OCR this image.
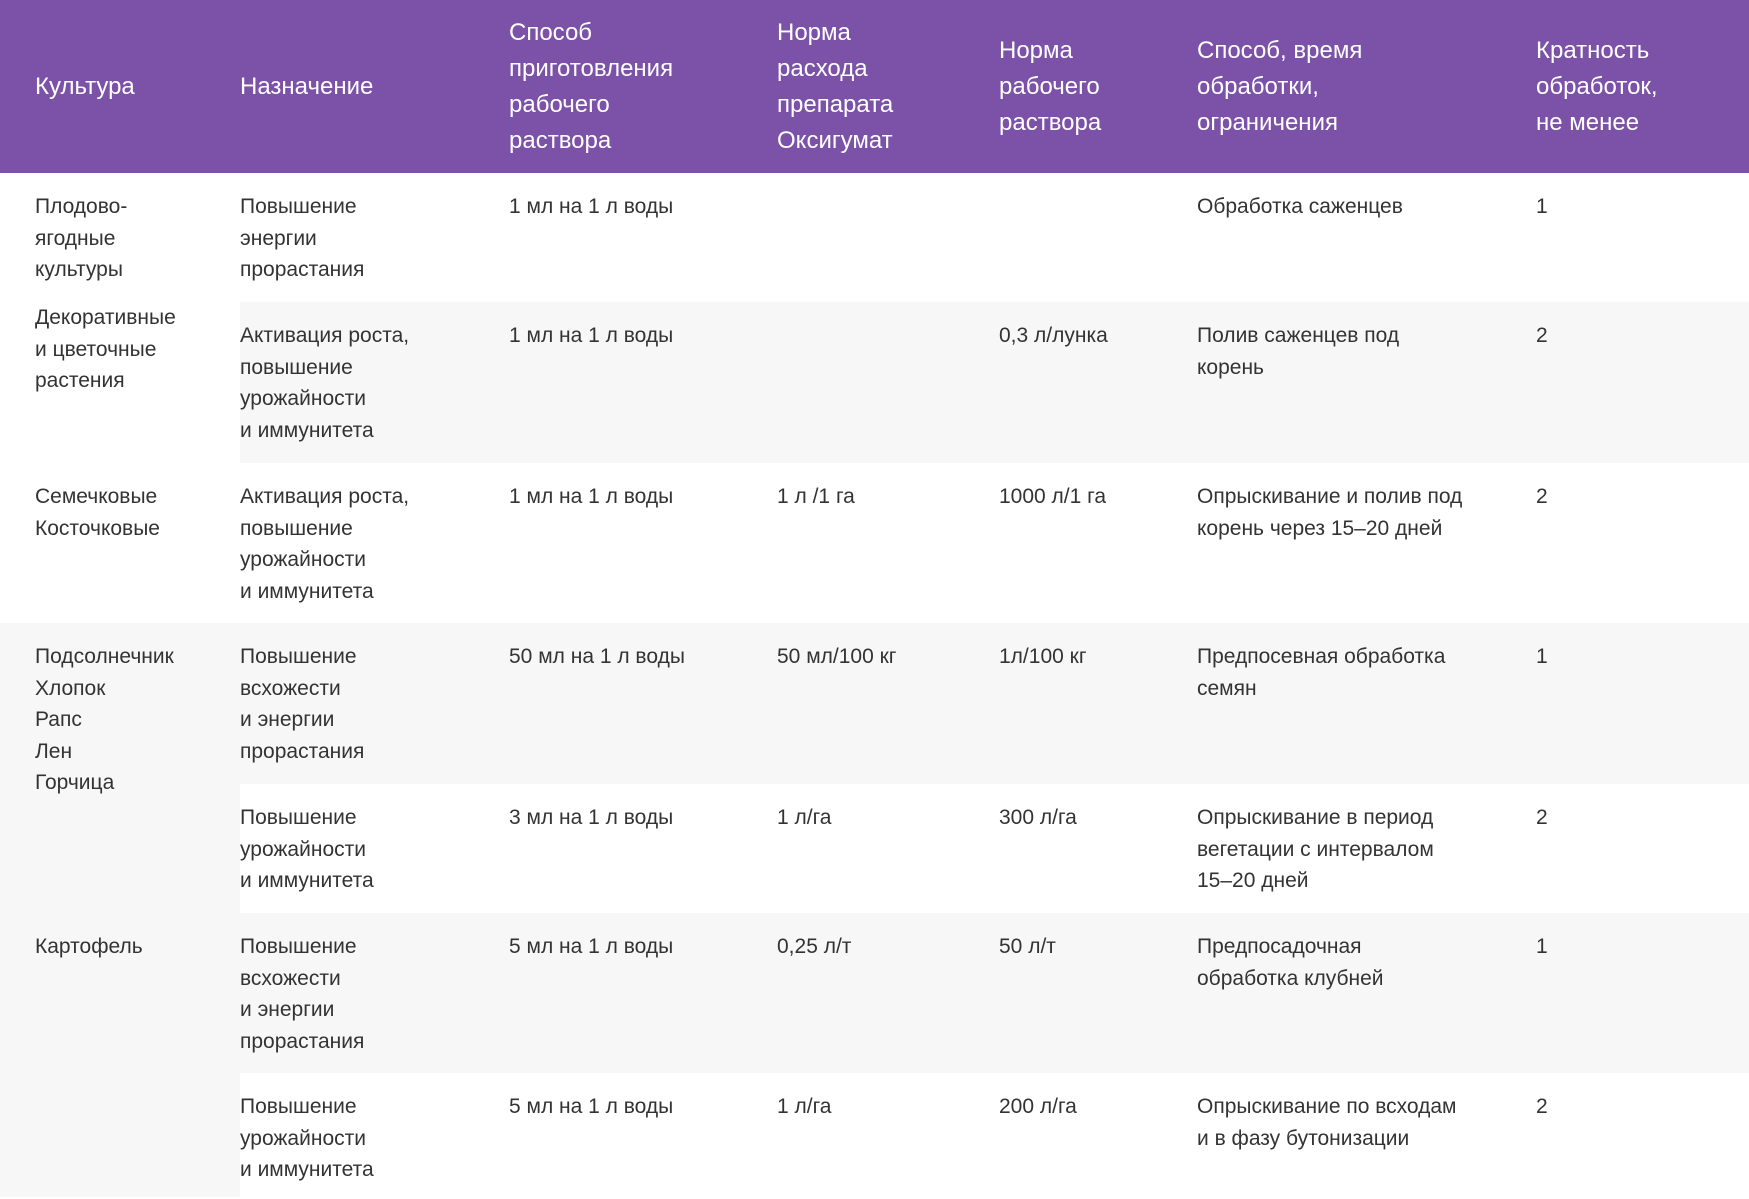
Культура	Назначение	Способ
приготовления
рабочего
раствора	Норма
расхода
препарата
Оксигумат	Норма
рабочего
раствора	Способ, время
обработки,
ограничения	Кратность
обработок,
не менее

Плодово-
ягодные
культуры	Повышение
энергии
прорастания	1 мл на 1 л воды			Обработка саженцев	1

Декоративные
и цветочные
растения	Активация роста,
повышение
урожайности
и иммунитета	1 мл на 1 л воды		0,3 л/лунка	Полив саженцев под
корень	2

Семечковые
Косточковые	Активация роста,
повышение
урожайности
и иммунитета	1 мл на 1 л воды	1 л /1 га	1000 л/1 га	Опрыскивание и полив под
корень через 15–20 дней	2

Подсолнечник
Хлопок
Рапс
Лен
Горчица	Повышение
всхожести
и энергии
прорастания	50 мл на 1 л воды	50 мл/100 кг	1л/100 кг	Предпосевная обработка
семян	1

	Повышение
урожайности
и иммунитета	3 мл на 1 л воды	1 л/га	300 л/га	Опрыскивание в период
вегетации с интервалом
15–20 дней	2

Картофель	Повышение
всхожести
и энергии
прорастания	5 мл на 1 л воды	0,25 л/т	50 л/т	Предпосадочная
обработка клубней	1

	Повышение
урожайности
и иммунитета	5 мл на 1 л воды	1 л/га	200 л/га	Опрыскивание по всходам
и в фазу бутонизации	2
